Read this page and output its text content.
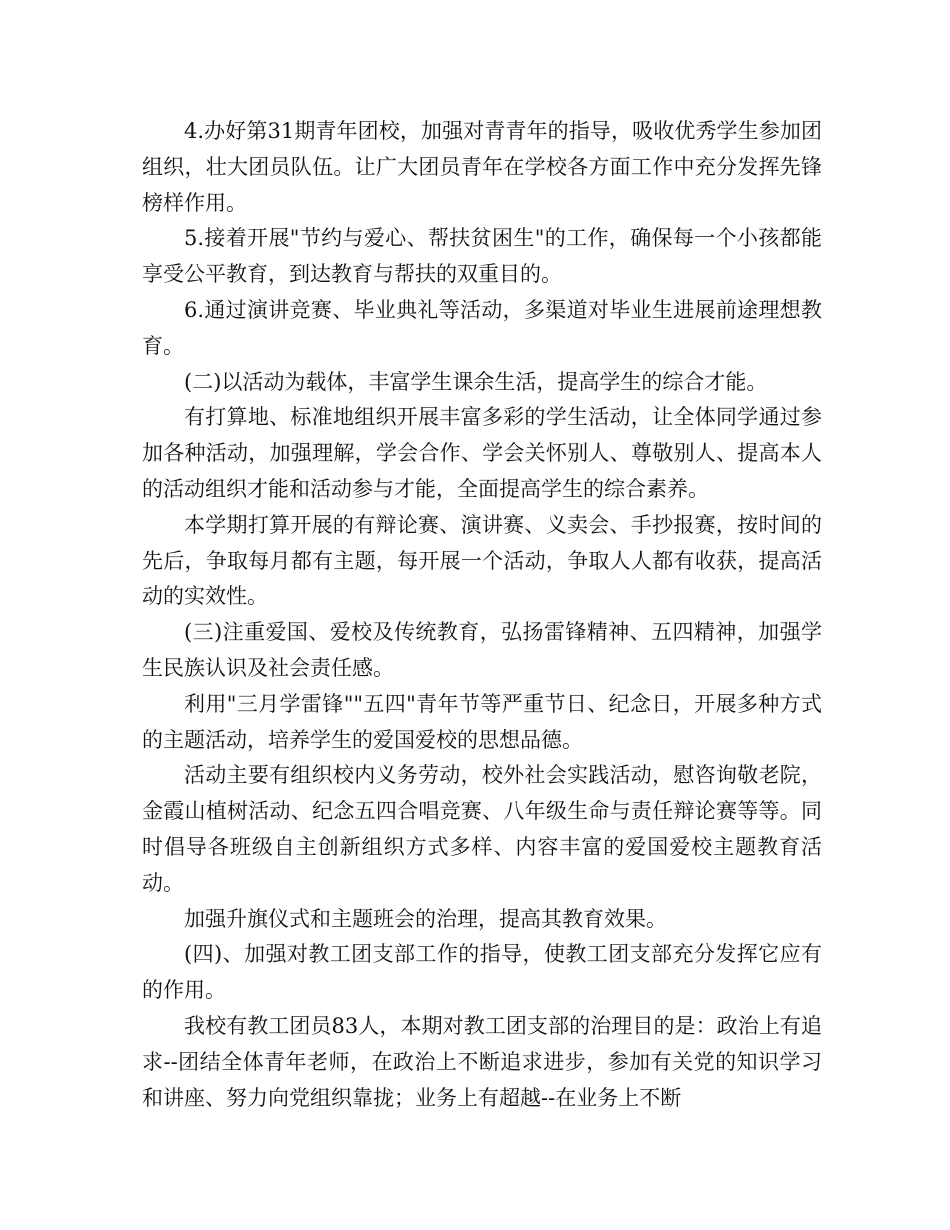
4.办好第31期青年团校，加强对青青年的指导，吸收优秀学生参加团组织，壮大团员队伍。让广大团员青年在学校各方面工作中充分发挥先锋榜样作用。

5.接着开展"节约与爱心、帮扶贫困生"的工作，确保每一个小孩都能享受公平教育，到达教育与帮扶的双重目的。

6.通过演讲竞赛、毕业典礼等活动，多渠道对毕业生进展前途理想教育。

(二)以活动为载体，丰富学生课余生活，提高学生的综合才能。

有打算地、标准地组织开展丰富多彩的学生活动，让全体同学通过参加各种活动，加强理解，学会合作、学会关怀别人、尊敬别人、提高本人的活动组织才能和活动参与才能，全面提高学生的综合素养。

本学期打算开展的有辩论赛、演讲赛、义卖会、手抄报赛，按时间的先后，争取每月都有主题，每开展一个活动，争取人人都有收获，提高活动的实效性。

(三)注重爱国、爱校及传统教育，弘扬雷锋精神、五四精神，加强学生民族认识及社会责任感。

利用"三月学雷锋""五四"青年节等严重节日、纪念日，开展多种方式的主题活动，培养学生的爱国爱校的思想品德。

活动主要有组织校内义务劳动，校外社会实践活动，慰咨询敬老院，金霞山植树活动、纪念五四合唱竞赛、八年级生命与责任辩论赛等等。同时倡导各班级自主创新组织方式多样、内容丰富的爱国爱校主题教育活动。

加强升旗仪式和主题班会的治理，提高其教育效果。

(四)、加强对教工团支部工作的指导，使教工团支部充分发挥它应有的作用。

我校有教工团员83人，本期对教工团支部的治理目的是：政治上有追求--团结全体青年老师，在政治上不断追求进步，参加有关党的知识学习和讲座、努力向党组织靠拢；业务上有超越--在业务上不断
